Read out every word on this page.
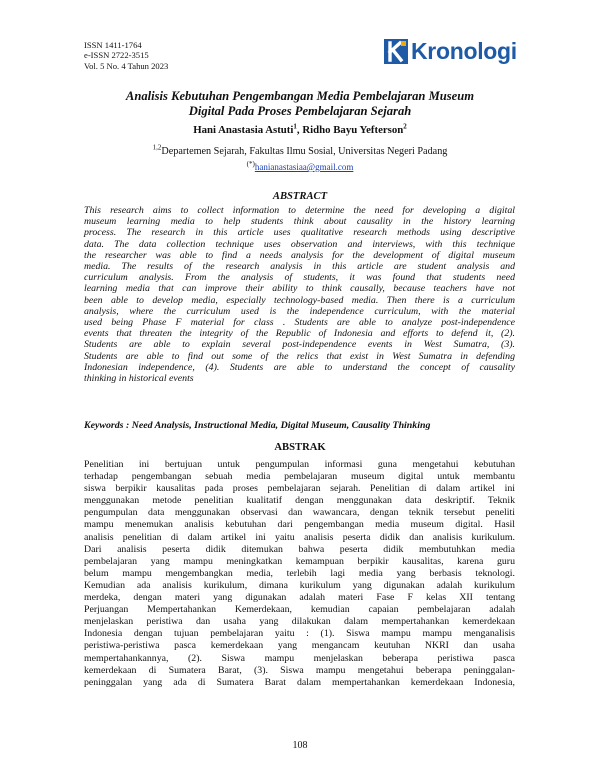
ISSN 1411-1764
e-ISSN 2722-3515
Vol. 5 No. 4 Tahun 2023
Kronologi
Analisis Kebutuhan Pengembangan Media Pembelajaran Museum
Digital Pada Proses Pembelajaran Sejarah
Hani Anastasia Astuti$^1$, Ridho Bayu Yefterson$^2$
$^{1,2}$Departemen Sejarah, Fakultas Ilmu Sosial, Universitas Negeri Padang
(*)hanianastasiaa@gmail.com
ABSTRACT
This research aims to collect information to determine the need for developing a digital
museum learning media to help students think about causality in the history learning
process. The research in this article uses qualitative research methods using descriptive
data. The data collection technique uses observation and interviews, with this technique
the researcher was able to find a needs analysis for the development of digital museum
media. The results of the research analysis in this article are student analysis and
curriculum analysis. From the analysis of students, it was found that students need
learning media that can improve their ability to think causally, because teachers have not
been able to develop media, especially technology-based media. Then there is a curriculum
analysis, where the curriculum used is the independence curriculum, with the material
used being Phase F material for class . Students are able to analyze post-independence
events that threaten the integrity of the Republic of Indonesia and efforts to defend it, (2).
Students are able to explain several post-independence events in West Sumatra, (3).
Students are able to find out some of the relics that exist in West Sumatra in defending
Indonesian independence, (4). Students are able to understand the concept of causality
thinking in historical events
Keywords : Need Analysis, Instructional Media, Digital Museum, Causality Thinking
ABSTRAK
Penelitian ini bertujuan untuk pengumpulan informasi guna mengetahui kebutuhan
terhadap pengembangan sebuah media pembelajaran museum digital untuk membantu
siswa berpikir kausalitas pada proses pembelajaran sejarah. Penelitian di dalam artikel ini
menggunakan metode penelitian kualitatif dengan menggunakan data deskriptif. Teknik
pengumpulan data menggunakan observasi dan wawancara, dengan teknik tersebut peneliti
mampu menemukan analisis kebutuhan dari pengembangan media museum digital. Hasil
analisis penelitian di dalam artikel ini yaitu analisis peserta didik dan analisis kurikulum.
Dari analisis peserta didik ditemukan bahwa peserta didik membutuhkan media
pembelajaran yang mampu meningkatkan kemampuan berpikir kausalitas, karena guru
belum mampu mengembangkan media, terlebih lagi media yang berbasis teknologi.
Kemudian ada analisis kurikulum, dimana kurikulum yang digunakan adalah kurikulum
merdeka, dengan materi yang digunakan adalah materi Fase F kelas XII tentang
Perjuangan Mempertahankan Kemerdekaan, kemudian capaian pembelajaran adalah
menjelaskan peristiwa dan usaha yang dilakukan dalam mempertahankan kemerdekaan
Indonesia dengan tujuan pembelajaran yaitu : (1). Siswa mampu mampu menganalisis
peristiwa-peristiwa pasca kemerdekaan yang mengancam keutuhan NKRI dan usaha
mempertahankannya, (2). Siswa mampu menjelaskan beberapa peristiwa pasca
kemerdekaan di Sumatera Barat, (3). Siswa mampu mengetahui beberapa peninggalan-
peninggalan yang ada di Sumatera Barat dalam mempertahankan kemerdekaan Indonesia,
108
